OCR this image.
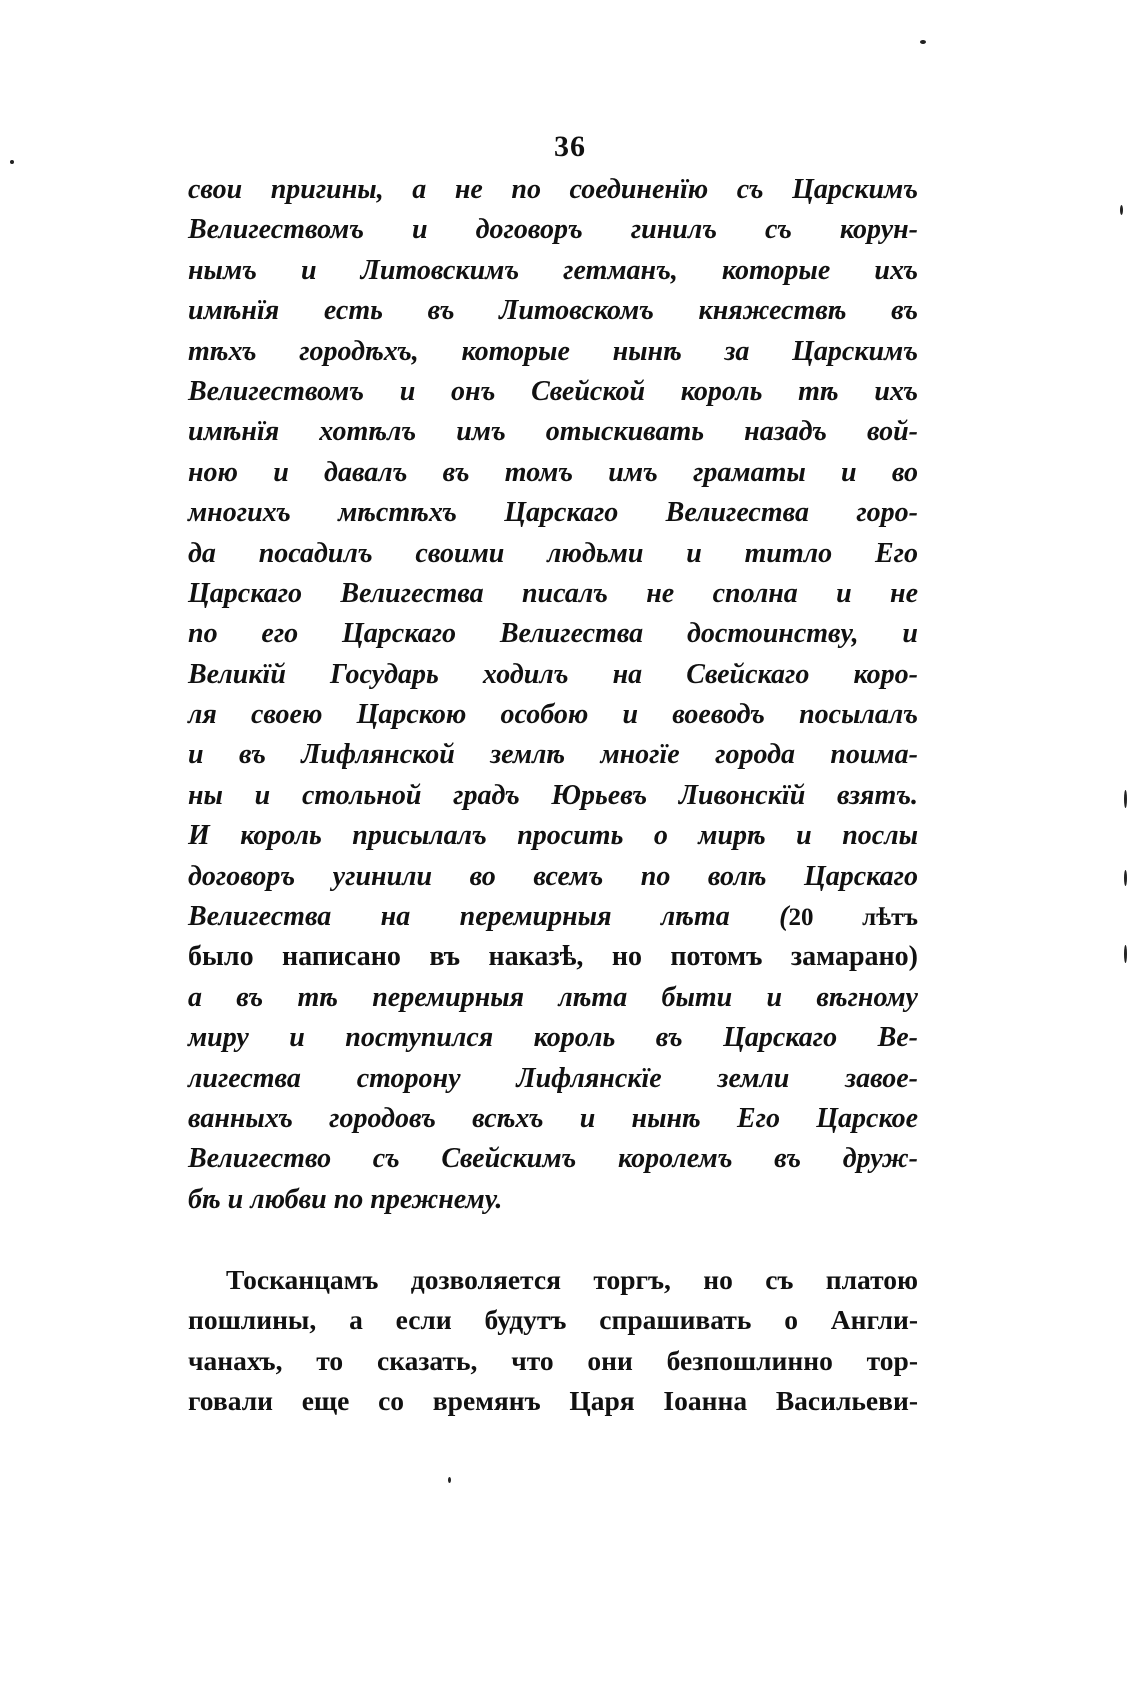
36
свои пригины, а не по соединенїю съ Царскимъ
Велигествомъ и договоръ гинилъ съ корун-
нымъ и Литовскимъ гетманъ, которые ихъ
имѣнїя есть въ Литовскомъ княжествѣ въ
тѣхъ городѣхъ, которые нынѣ за Царскимъ
Велигествомъ и онъ Свейской король тѣ ихъ
имѣнїя хотѣлъ имъ отыскивать назадъ вой-
ною и давалъ въ томъ имъ граматы и во
многихъ мѣстѣхъ Царскаго Велигества горо-
да посадилъ своими людьми и титло Его
Царскаго Велигества писалъ не сполна и не
по его Царскаго Велигества достоинству, и
Великїй Государь ходилъ на Свейскаго коро-
ля своею Царскою особою и воеводъ посылалъ
и въ Лифлянской землѣ многїе города поима-
ны и стольной градъ Юрьевъ Ливонскїй взятъ.
И король присылалъ просить о мирѣ и послы
договоръ угинили во всемъ по волѣ Царскаго
Велигества на перемирныя лѣта (20 лѣтъ
было написано въ наказѣ, но потомъ замарано)
а въ тѣ перемирныя лѣта быти и вѣгному
миру и поступился король въ Царскаго Ве-
лигества сторону Лифлянскїе земли завое-
ванныхъ городовъ всѣхъ и нынѣ Его Царское
Велигество съ Свейскимъ королемъ въ друж-
бѣ и любви по прежнему.
Тосканцамъ дозволяется торгъ, но съ платою
пошлины, а если будутъ спрашивать о Англи-
чанахъ, то сказать, что они безпошлинно тор-
говали еще со времянъ Царя Іоанна Васильеви-
